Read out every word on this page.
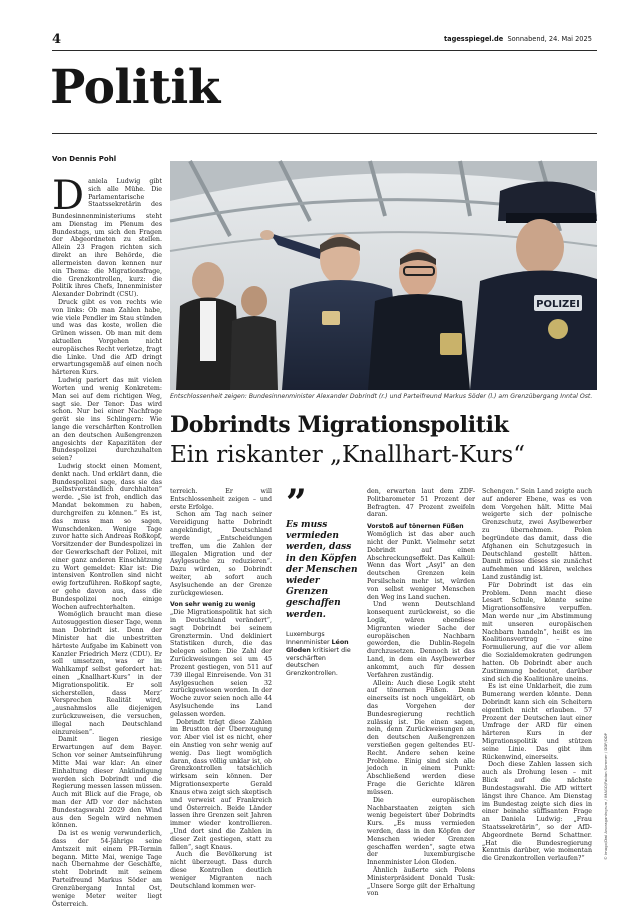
4	tagesspiegel.de Sonnabend, 24. Mai 2025
Politik
Von Dennis Pohl
POLIZEI
Entschlossenheit zeigen: Bundesinnenminister Alexander Dobrindt (r.) und Parteifreund Markus Söder (l.) am Grenzübergang Inntal Ost.
Dobrindts Migrationspolitik
Ein riskanter „Knallhart-Kurs“

Daniela Ludwig gibt sich alle Mühe. Die Parlamentarische Staatssekretärin des Bundesinnenministeriums steht am Dienstag im Plenum des Bundestags, um sich den Fragen der Abgeordneten zu stellen. Allein 23 Fragen richten sich direkt an ihre Behörde, die allermeisten davon kennen nur ein Thema: die Migrationsfrage, die Grenzkontrollen, kurz: die Politik ihres Chefs, Innenminister Alexander Dobrindt (CSU).

Druck gibt es von rechts wie von links: Ob man Zahlen habe, wie viele Pendler im Stau stünden und was das koste, wollen die Grünen wissen. Ob man mit dem aktuellen Vorgehen nicht europäisches Recht verletze, fragt die Linke. Und die AfD dringt erwartungsgemäß auf einen noch härteren Kurs.

Ludwig pariert das mit vielen Worten und wenig Konkretem: Man sei auf dem richtigen Weg, sagt sie. Der Tenor: Das wird schon. Nur bei einer Nachfrage gerät sie ins Schlingern: Wie lange die verschärften Kontrollen an den deutschen Außengrenzen angesichts der Kapazitäten der Bundespolizei durchzuhalten seien?

Ludwig stockt einen Moment, denkt nach. Und erklärt dann, die Bundespolizei sage, dass sie das „selbstverständlich durchhalten“ werde. „Sie ist froh, endlich das Mandat bekommen zu haben, durchgreifen zu können.“ Es ist, das muss man so sagen, Wunschdenken. Wenige Tage zuvor hatte sich Andreas Roßkopf, Vorsitzender der Bundespolizei in der Gewerkschaft der Polizei, mit einer ganz anderen Einschätzung zu Wort gemeldet: Klar ist: Die intensiven Kontrollen sind nicht ewig fortzuführen. Roßkopf sagte, er gehe davon aus, dass die Bundespolizei noch einige Wochen aufrechterhalten.

Womöglich braucht man diese Autosuggestion dieser Tage, wenn man Dobrindt ist. Denn der Minister hat die unbestritten härteste Aufgabe im Kabinett von Kanzler Friedrich Merz (CDU). Er soll umsetzen, was er im Wahlkampf selbst gefordert hat: einen „Knallhart-Kurs“ in der Migrationspolitik. Er soll sicherstellen, dass Merz’ Versprechen Realität wird, „ausnahmslos alle diejenigen zurückzuweisen, die versuchen, illegal nach Deutschland einzureisen“.

Damit liegen riesige Erwartungen auf dem Bayer. Schon vor seiner Amtseinführung Mitte Mai war klar: An einer Einhaltung dieser Ankündigung werden sich Dobrindt und die Regierung messen lassen müssen. Auch mit Blick auf die Frage, ob man der AfD vor der nächsten Bundestagswahl 2029 den Wind aus den Segeln wird nehmen können.

Da ist es wenig verwunderlich, dass der 54-Jährige seine Amtszeit mit einem PR-Termin begann. Mitte Mai, wenige Tage nach Übernahme der Geschäfte, steht Dobrindt mit seinem Parteifreund Markus Söder am Grenzübergang Inntal Ost, wenige Meter weiter liegt Österreich.

terreich. Er will Entschlossenheit zeigen – und erste Erfolge.

Schon am Tag nach seiner Vereidigung hatte Dobrindt angekündigt, Deutschland werde „Entscheidungen treffen, um die Zahlen der illegalen Migration und der Asylgesuche zu reduzieren“. Dazu würden, so Dobrindt weiter, ab sofort auch Asylsuchende an der Grenze zurückgewiesen.

Von sehr wenig zu wenig

„Die Migrationspolitik hat sich in Deutschland verändert“, sagt Dobrindt bei seinem Grenztermin. Und dekliniert Statistiken durch, die das belegen sollen: Die Zahl der Zurückweisungen sei um 45 Prozent gestiegen, von 511 auf 739 illegal Einreisende. Von 31 Asylgesuchen seien 32 zurückgewiesen worden. In der Woche zuvor seien noch alle 44 Asylsuchende ins Land gelassen worden.

Dobrindt trägt diese Zahlen im Brustton der Überzeugung vor. Aber viel ist es nicht, eher ein Anstieg von sehr wenig auf wenig. Das liegt womöglich daran, dass völlig unklar ist, ob Grenzkontrollen tatsächlich wirksam sein können. Der Migrationsexperte Gerald Knaus etwa zeigt sich skeptisch und verweist auf Frankreich und Österreich. Beide Länder lassen ihre Grenzen seit Jahren immer wieder kontrollieren. „Und dort sind die Zahlen in dieser Zeit gestiegen, statt zu fallen“, sagt Knaus.

Auch die Bevölkerung ist nicht überzeugt. Dass durch diese Kontrollen deutlich weniger Migranten nach Deutschland kommen wer-

”
Es muss vermieden werden, dass in den Köpfen der Menschen wieder Grenzen geschaffen werden.
Luxemburgs Innenminister Léon Gloden kritisiert die verschärften deutschen Grenzkontrollen.

den, erwarten laut dem ZDF-Politbarometer 51 Prozent der Befragten. 47 Prozent zweifeln daran.

Vorstoß auf tönernen Füßen

Womöglich ist das aber auch nicht der Punkt. Vielmehr setzt Dobrindt auf einen Abschreckungseffekt. Das Kalkül: Wenn das Wort „Asyl“ an den deutschen Grenzen kein Persilschein mehr ist, würden von selbst weniger Menschen den Weg ins Land suchen.

Und wenn Deutschland konsequent zurückweist, so die Logik, wären ebendiese Migranten wieder Sache der europäischen Nachbarn geworden, die Dublin-Regeln durchzusetzen. Dennoch ist das Land, in dem ein Asylbewerber ankommt, auch für dessen Verfahren zuständig.

Allein: Auch diese Logik steht auf tönernen Füßen. Denn einerseits ist noch ungeklärt, ob das Vorgehen der Bundesregierung rechtlich zulässig ist. Die einen sagen, nein, denn Zurückweisungen an den deutschen Außengrenzen verstießen gegen geltendes EU-Recht. Andere sehen keine Probleme. Einig sind sich alle jedoch in einem Punkt: Abschließend werden diese Frage die Gerichte klären müssen.

Die europäischen Nachbarstaaten zeigten sich wenig begeistert über Dobrindts Kurs. „Es muss vermieden werden, dass in den Köpfen der Menschen wieder Grenzen geschaffen werden“, sagte etwa der luxemburgische Innenminister Léon Gloden.

Ähnlich äußerte sich Polens Ministerpräsident Donald Tusk: „Unsere Sorge gilt der Erhaltung von

Schengen.“ Sein Land zeigte auch auf anderer Ebene, was es von dem Vorgehen hält. Mitte Mai weigerte sich der polnische Grenzschutz, zwei Asylbewerber zu übernehmen. Polen begründete das damit, dass die Afghanen ein Schutzgesuch in Deutschland gestellt hätten. Damit müsse dieses sie zunächst aufnehmen und klären, welches Land zuständig ist.

Für Dobrindt ist das ein Problem. Denn macht diese Lesart Schule, könnte seine Migrationsoffensive verpuffen. Man werde nur „im Abstimmung mit unseren europäischen Nachbarn handeln“, heißt es im Koalitionsvertrag – eine Formulierung, auf die vor allem die Sozialdemokraten gedrungen hatten. Ob Dobrindt aber auch Zustimmung bedeutet, darüber sind sich die Koalitionäre uneins.

Es ist eine Unklarheit, die zum Bumerang werden könnte. Denn Dobrindt kann sich ein Scheitern eigentlich nicht erlauben. 57 Prozent der Deutschen laut einer Umfrage der ARD für einen härteren Kurs in der Migrationspolitik und stützen seine Linie. Das gibt ihm Rückenwind, einerseits.

Doch diese Zahlen lassen sich auch als Drohung lesen – mit Blick auf die nächste Bundestagswahl. Die AfD wittert längst ihre Chance. Am Dienstag im Bundestag zeigte sich dies in einer beinahe süffisanten Frage an Daniela Ludwig: „Frau Staatssekretärin“, so der AfD-Abgeordnete Bernd Schattner. „Hat die Bundesregierung Kenntnis darüber, wie momentan die Grenzkontrollen verlaufen?“	© imago/Dwi Anoraganingrum / IMAGO/Fabian Sommer / DDP/DDP
